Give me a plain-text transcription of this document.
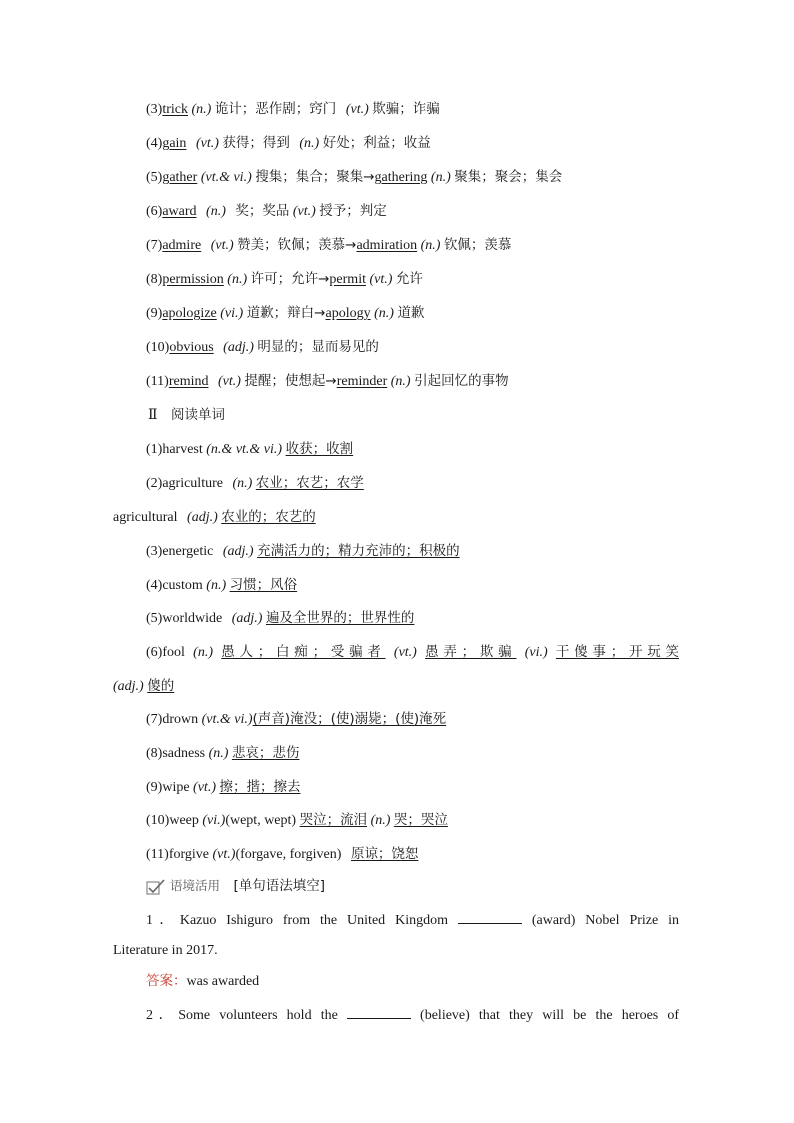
(3)trick (n.) 诡计；恶作剧；窍门 (vt.) 欺骗；诈骗
(4)gain (vt.) 获得；得到 (n.) 好处；利益；收益
(5)gather (vt.& vi.) 搜集；集合；聚集→gathering (n.) 聚集；聚会；集会
(6)award (n.) 奖；奖品 (vt.) 授予；判定
(7)admire (vt.) 赞美；钦佩；羡慕→admiration (n.) 钦佩；羡慕
(8)permission (n.) 许可；允许→permit (vt.) 允许
(9)apologize (vi.) 道歉；辩白→apology (n.) 道歉
(10)obvious (adj.) 明显的；显而易见的
(11)remind (vt.) 提醒；使想起→reminder (n.) 引起回忆的事物
Ⅱ 阅读单词
(1)harvest (n.& vt.& vi.) 收获；收割
(2)agriculture (n.) 农业；农艺；农学
agricultural (adj.) 农业的；农艺的
(3)energetic (adj.) 充满活力的；精力充沛的；积极的
(4)custom (n.) 习惯；风俗
(5)worldwide (adj.) 遍及全世界的；世界性的
(6)fool (n.) 愚人；白痴；受骗者 (vt.) 愚弄；欺骗 (vi.) 干傻事；开玩笑
(adj.) 傻的
(7)drown (vt.& vi.)(声音)淹没；(使)溺毙；(使)淹死
(8)sadness (n.) 悲哀；悲伤
(9)wipe (vt.) 擦；揩；擦去
(10)weep (vi.)(wept, wept) 哭泣；流泪 (n.) 哭；哭泣
(11)forgive (vt.)(forgave, forgiven) 原谅；饶恕
语境活用 [单句语法填空]
1．Kazuo Ishiguro from the United Kingdom	(award) Nobel Prize in
Literature in 2017.
答案：was awarded
2．Some volunteers hold the	(believe) that they will be the heroes of
